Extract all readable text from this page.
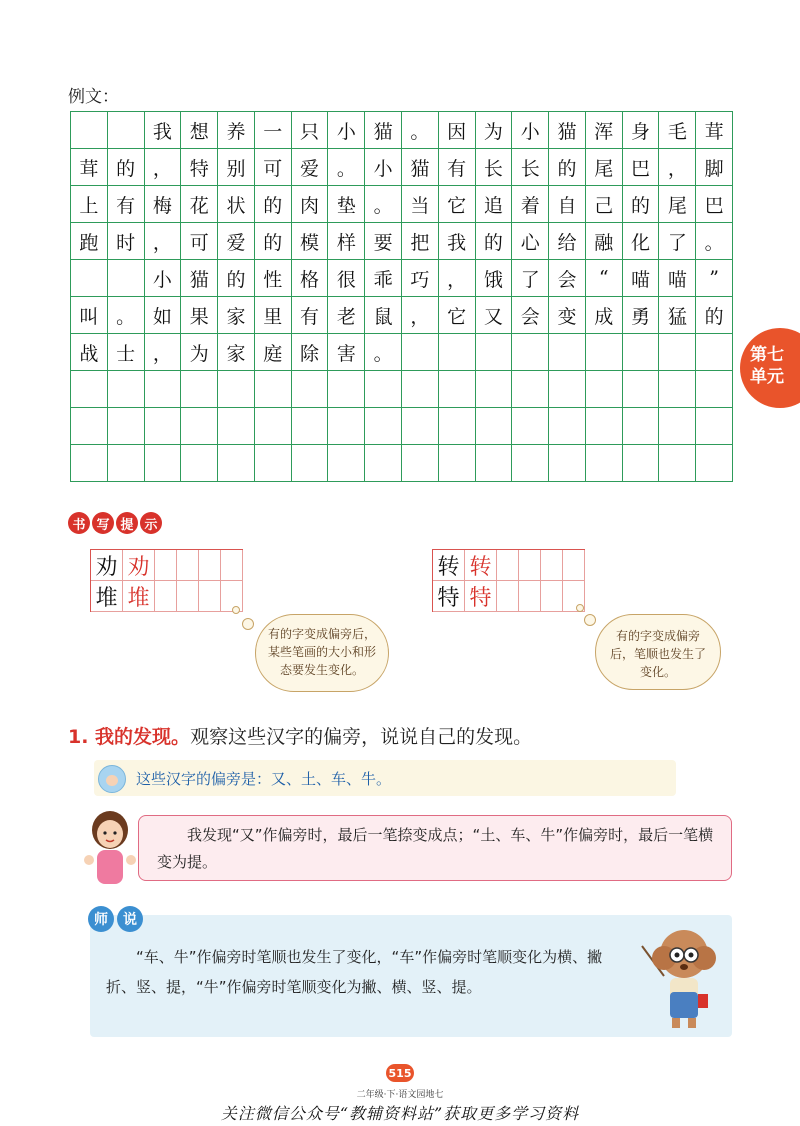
例文：
我 想 养 一 只 小 猫 。 因 为 小 猫 浑 身 毛 茸
茸 的 ， 特 别 可 爱 。 小 猫 有 长 长 的 尾 巴 ， 脚
上 有 梅 花 状 的 肉 垫 。 当 它 追 着 自 己 的 尾 巴
跑 时 ， 可 爱 的 模 样 要 把 我 的 心 给 融 化 了 。
小 猫 的 性 格 很 乖 巧 ， 饿 了 会	“	喵 喵	”
叫 。 如 果 家 里 有 老 鼠 ， 它 又 会 变 成 勇 猛 的
战 士 ， 为 家 庭 除 害 。	第七
单元
书 写 提 示
劝 劝
堆 堆
转 转
特 特
有的字变成偏旁后，某些笔画的大小和形态要发生变化。
有的字变成偏旁后，笔顺也发生了变化。
1. 我的发现。观察这些汉字的偏旁，说说自己的发现。
这些汉字的偏旁是：又、土、车、牛。
我发现“又”作偏旁时，最后一笔捺变成点；“土、车、牛”作偏旁时，最后一笔横变为提。
师	说
“车、牛”作偏旁时笔顺也发生了变化，“车”作偏旁时笔顺变化为横、撇折、竖、提，“牛”作偏旁时笔顺变化为撇、横、竖、提。
515
二年级·下·语文园地七
关注微信公众号“教辅资料站”获取更多学习资料
